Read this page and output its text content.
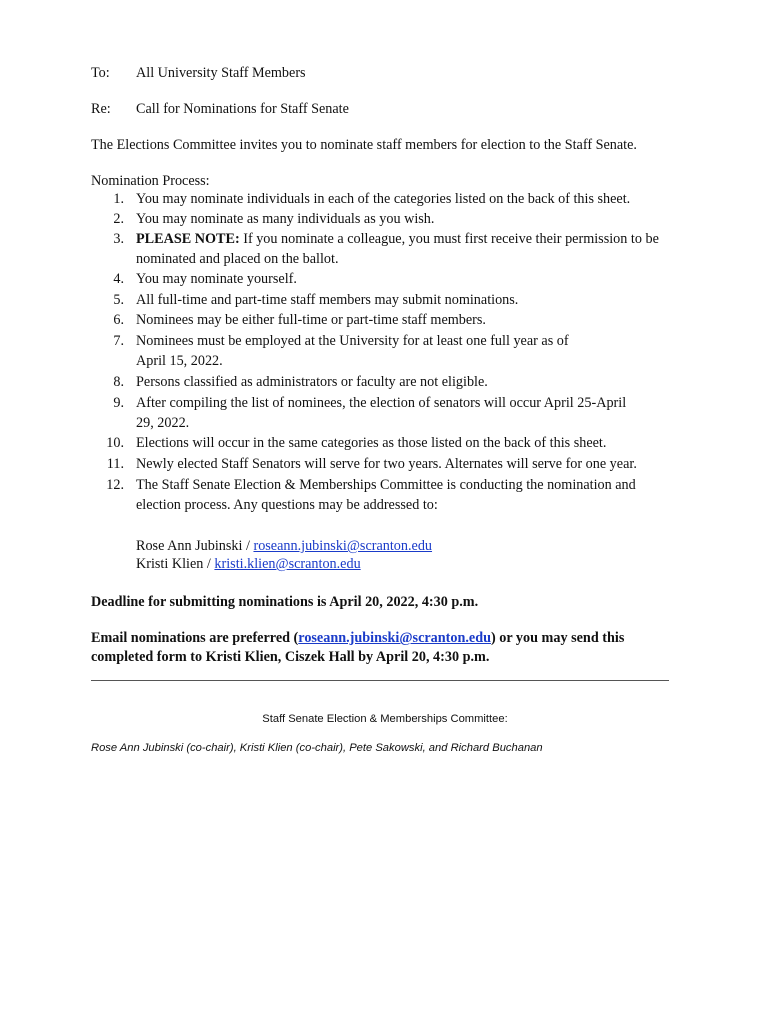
To: All University Staff Members
Re: Call for Nominations for Staff Senate
The Elections Committee invites you to nominate staff members for election to the Staff Senate.
Nomination Process:
1. You may nominate individuals in each of the categories listed on the back of this sheet.
2. You may nominate as many individuals as you wish.
3. PLEASE NOTE: If you nominate a colleague, you must first receive their permission to be
nominated and placed on the ballot.
4. You may nominate yourself.
5. All full-time and part-time staff members may submit nominations.
6. Nominees may be either full-time or part-time staff members.
7. Nominees must be employed at the University for at least one full year as of
April 15, 2022.
8. Persons classified as administrators or faculty are not eligible.
9. After compiling the list of nominees, the election of senators will occur April 25-April
29, 2022.
10. Elections will occur in the same categories as those listed on the back of this sheet.
11. Newly elected Staff Senators will serve for two years. Alternates will serve for one year.
12. The Staff Senate Election & Memberships Committee is conducting the nomination and
election process. Any questions may be addressed to:
Rose Ann Jubinski / roseann.jubinski@scranton.edu
Kristi Klien / kristi.klien@scranton.edu
Deadline for submitting nominations is April 20, 2022, 4:30 p.m.
Email nominations are preferred (roseann.jubinski@scranton.edu) or you may send this
completed form to Kristi Klien, Ciszek Hall by April 20, 4:30 p.m.
Staff Senate Election & Memberships Committee:
Rose Ann Jubinski (co-chair), Kristi Klien (co-chair), Pete Sakowski, and Richard Buchanan
